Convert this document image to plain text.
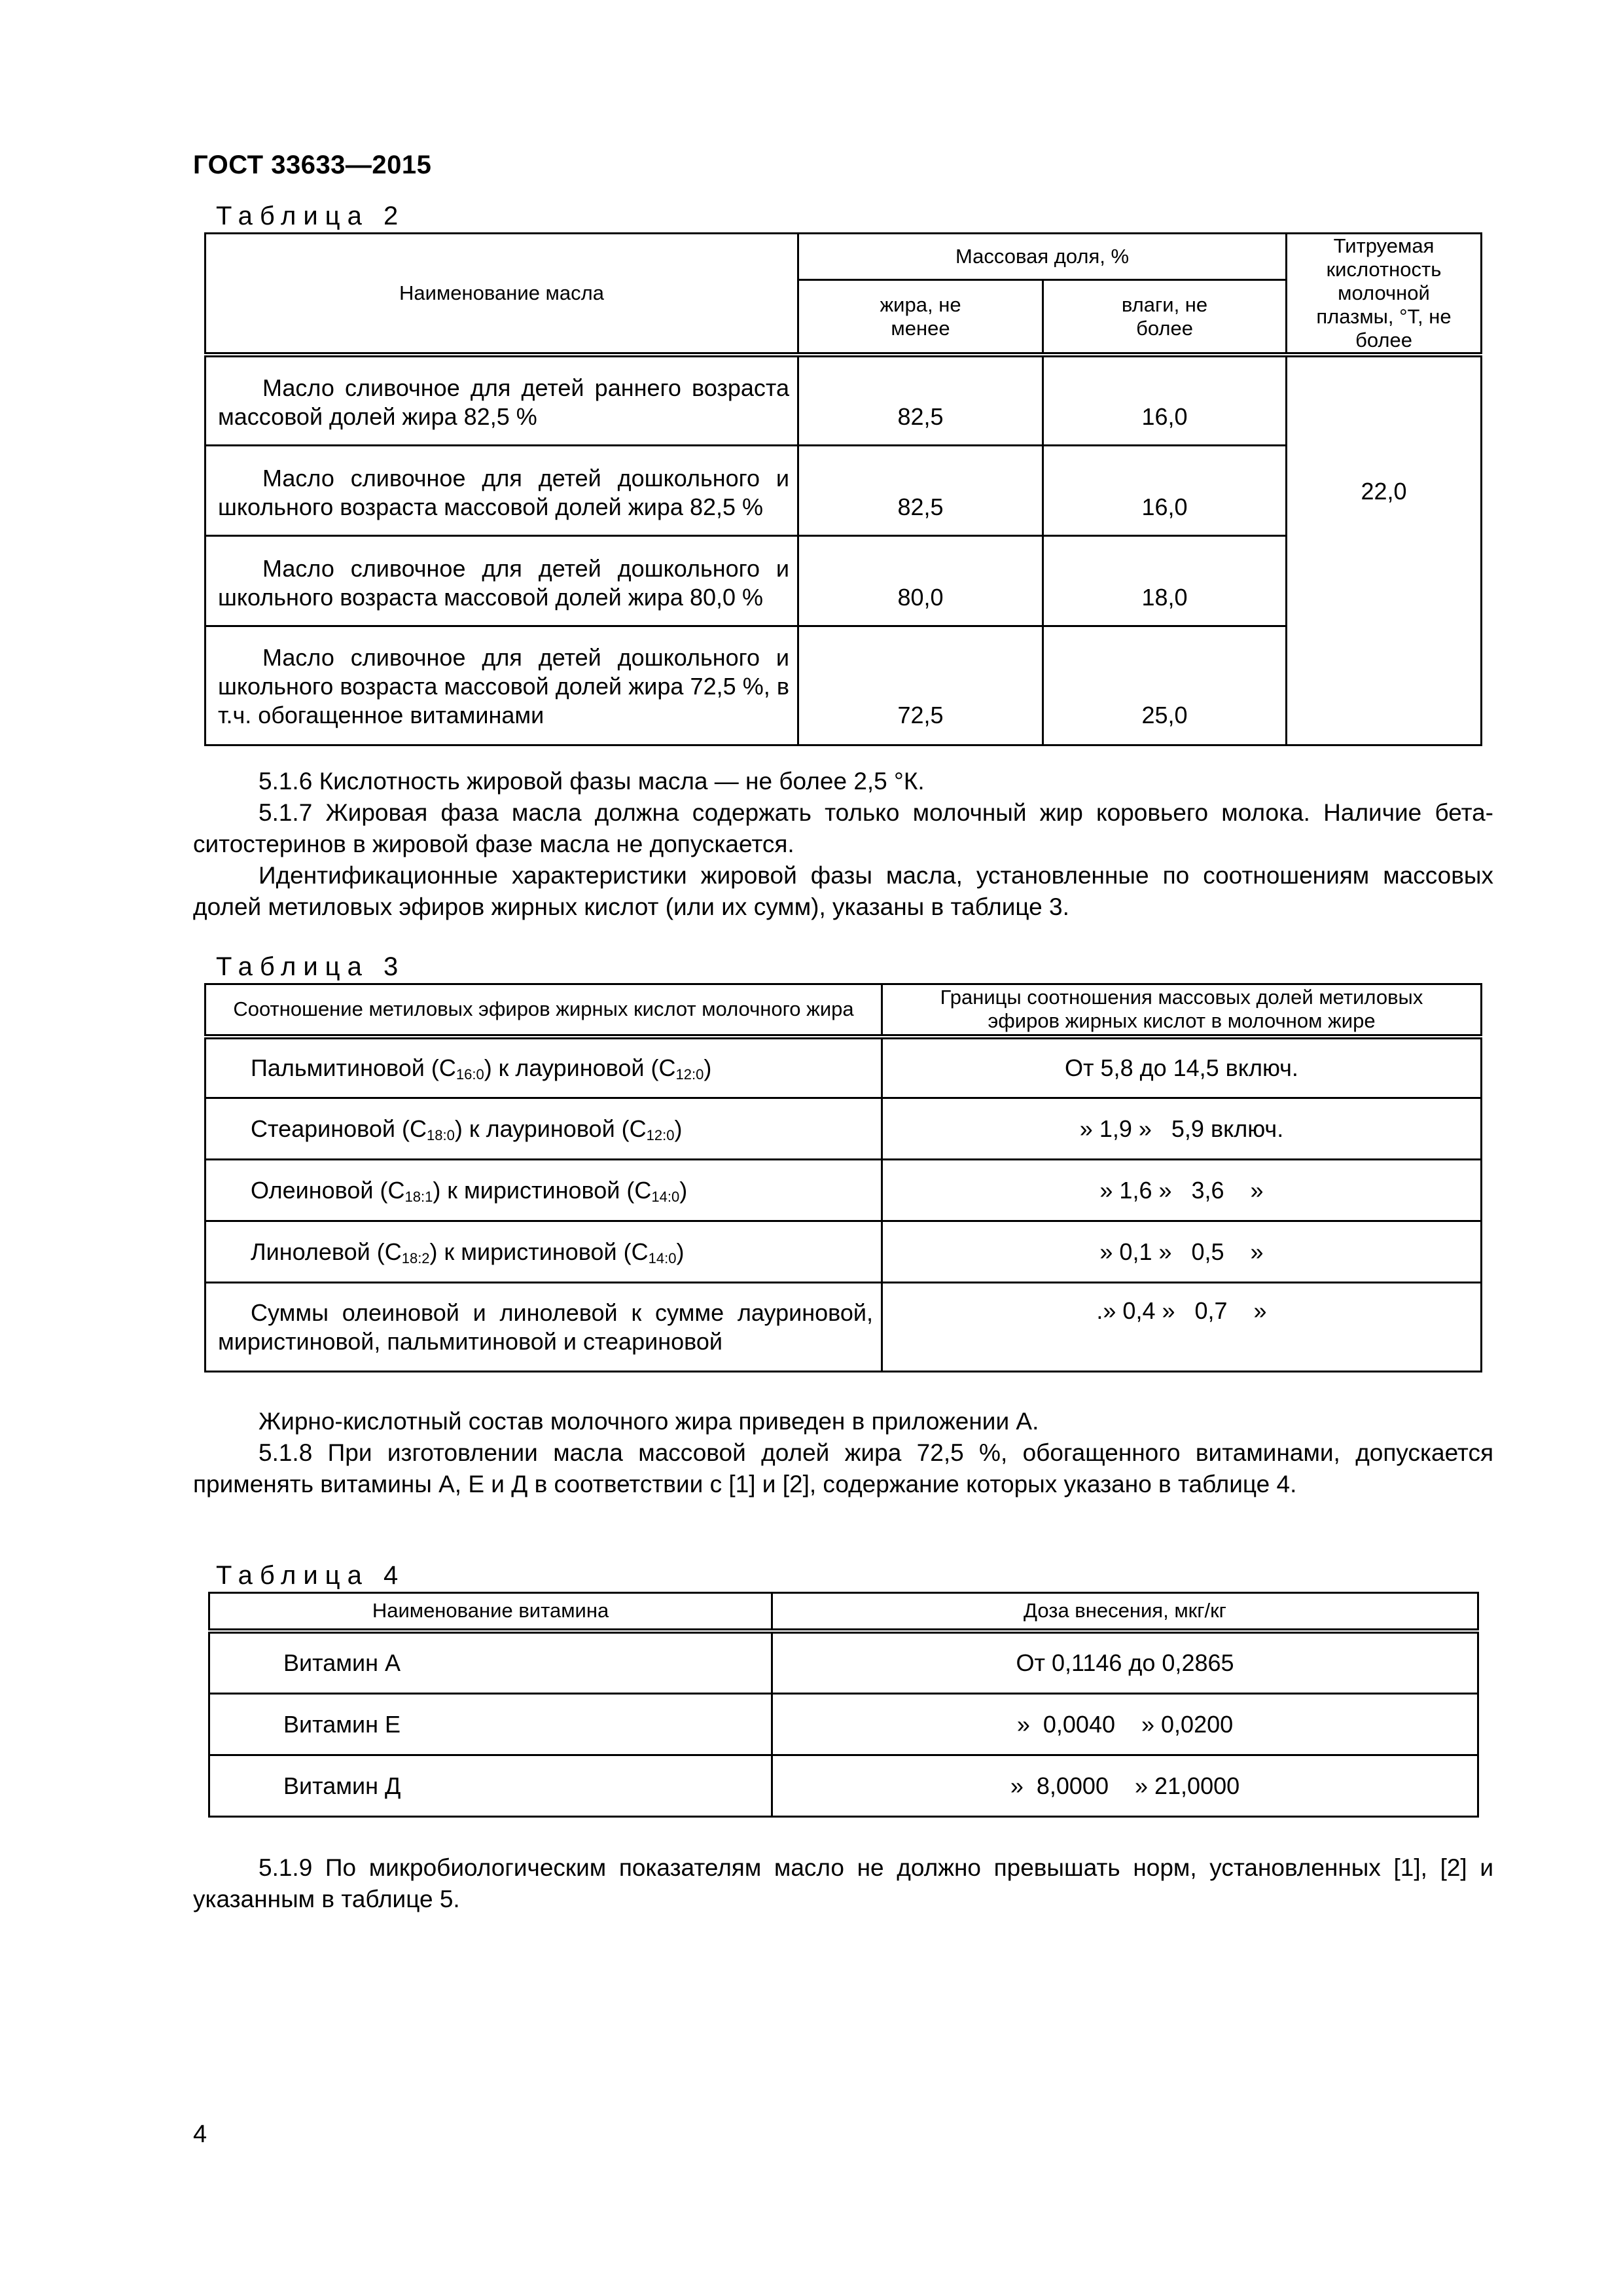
ГОСТ 33633—2015
Таблица 2
Наименование масла	Массовая доля, %		Титруемая кислотность молочной плазмы, °Т, не более
	жира, не менее	влаги, не более	

Масло сливочное для детей раннего возраста массовой долей жира 82,5 %	82,5	16,0	22,0

Масло сливочное для детей дошкольного и школьного возраста массовой долей жира 82,5 %	82,5	16,0	

Масло сливочное для детей дошкольного и школьного возраста массовой долей жира 80,0 %	80,0	18,0	

Масло сливочное для детей дошкольного и школьного возраста массовой долей жира 72,5 %, в т.ч. обогащенное витаминами	72,5	25,0	
5.1.6 Кислотность жировой фазы масла — не более 2,5 °К.
5.1.7 Жировая фаза масла должна содержать только молочный жир коровьего молока. Наличие бета-ситостеринов в жировой фазе масла не допускается.
Идентификационные характеристики жировой фазы масла, установленные по соотношениям массовых долей метиловых эфиров жирных кислот (или их сумм), указаны в таблице 3.
Таблица 3
Соотношение метиловых эфиров жирных кислот молочного жира	Границы соотношения массовых долей метиловых эфиров жирных кислот в молочном жире
Пальмитиновой $(С_{16:0})$ к лауриновой $(С_{12:0})$	От 5,8 до 14,5 включ.
Стеариновой $(С_{18:0})$ к лауриновой $(С_{12:0})$	» 1,9 »   5,9 включ.
Олеиновой $(С_{18:1})$ к миристиновой $(С_{14:0})$	» 1,6 »   3,6    »
Линолевой $(С_{18:2})$ к миристиновой $(С_{14:0})$	» 0,1 »   0,5    »

Суммы олеиновой и линолевой к сумме лауриновой, миристиновой, пальмитиновой и стеариновой	.» 0,4 »   0,7    »
Жирно-кислотный состав молочного жира приведен в приложении А.
5.1.8 При изготовлении масла массовой долей жира 72,5 %, обогащенного витаминами, допускается применять витамины А, Е и Д в соответствии с [1] и [2], содержание которых указано в таблице 4.
Таблица 4
Наименование витамина	Доза внесения, мкг/кг
Витамин А	От 0,1146 до 0,2865
Витамин Е	»  0,0040    » 0,0200
Витамин Д	»  8,0000    » 21,0000
5.1.9 По микробиологическим показателям масло не должно превышать норм, установленных [1], [2] и указанным в таблице 5.
4
